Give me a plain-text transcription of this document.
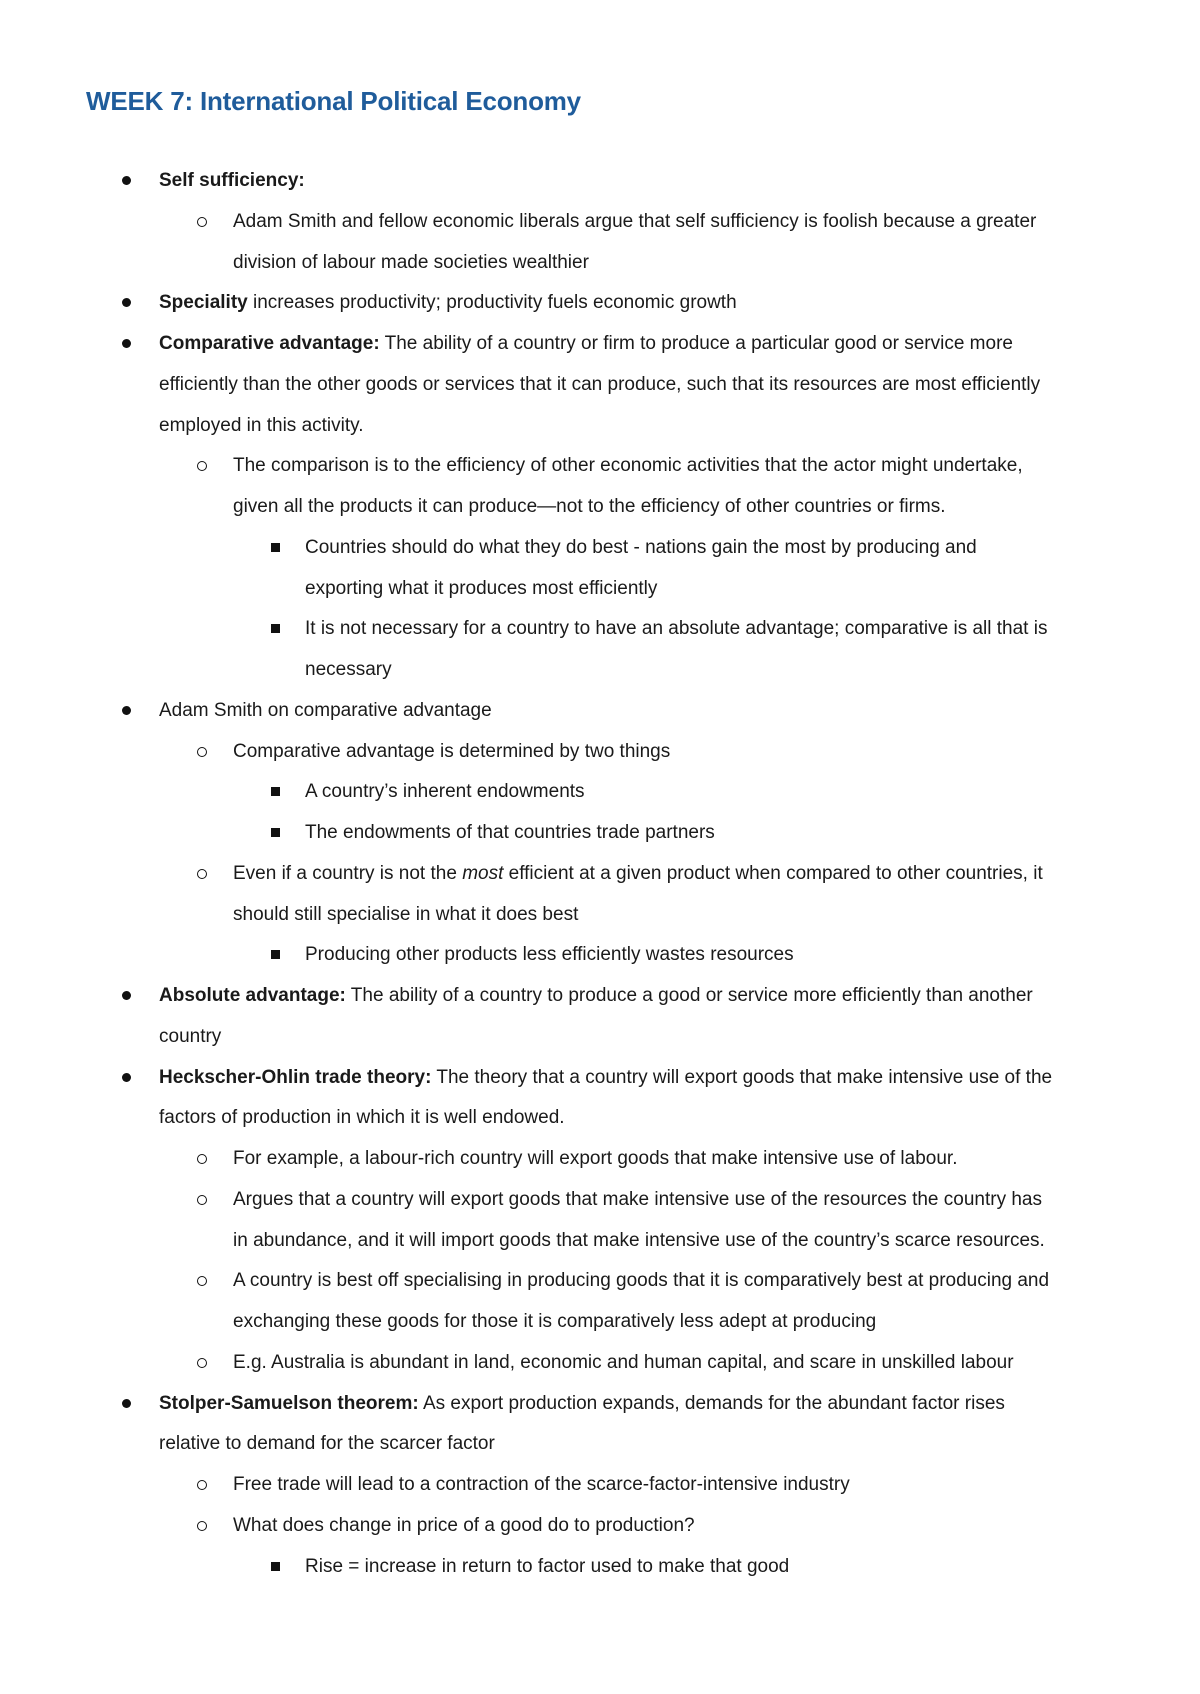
WEEK 7: International Political Economy
Self sufficiency:
Adam Smith and fellow economic liberals argue that self sufficiency is foolish because a greater
division of labour made societies wealthier
Speciality increases productivity; productivity fuels economic growth
Comparative advantage: The ability of a country or firm to produce a particular good or service more
efficiently than the other goods or services that it can produce, such that its resources are most efficiently
employed in this activity.
The comparison is to the efficiency of other economic activities that the actor might undertake,
given all the products it can produce—not to the efficiency of other countries or firms.
Countries should do what they do best - nations gain the most by producing and
exporting what it produces most efficiently
It is not necessary for a country to have an absolute advantage; comparative is all that is
necessary
Adam Smith on comparative advantage
Comparative advantage is determined by two things
A country’s inherent endowments
The endowments of that countries trade partners
Even if a country is not the most efficient at a given product when compared to other countries, it
should still specialise in what it does best
Producing other products less efficiently wastes resources
Absolute advantage: The ability of a country to produce a good or service more efficiently than another
country
Heckscher-Ohlin trade theory: The theory that a country will export goods that make intensive use of the
factors of production in which it is well endowed.
For example, a labour-rich country will export goods that make intensive use of labour.
Argues that a country will export goods that make intensive use of the resources the country has
in abundance, and it will import goods that make intensive use of the country’s scarce resources.
A country is best off specialising in producing goods that it is comparatively best at producing and
exchanging these goods for those it is comparatively less adept at producing
E.g. Australia is abundant in land, economic and human capital, and scare in unskilled labour
Stolper-Samuelson theorem: As export production expands, demands for the abundant factor rises
relative to demand for the scarcer factor
Free trade will lead to a contraction of the scarce-factor-intensive industry
What does change in price of a good do to production?
Rise = increase in return to factor used to make that good
